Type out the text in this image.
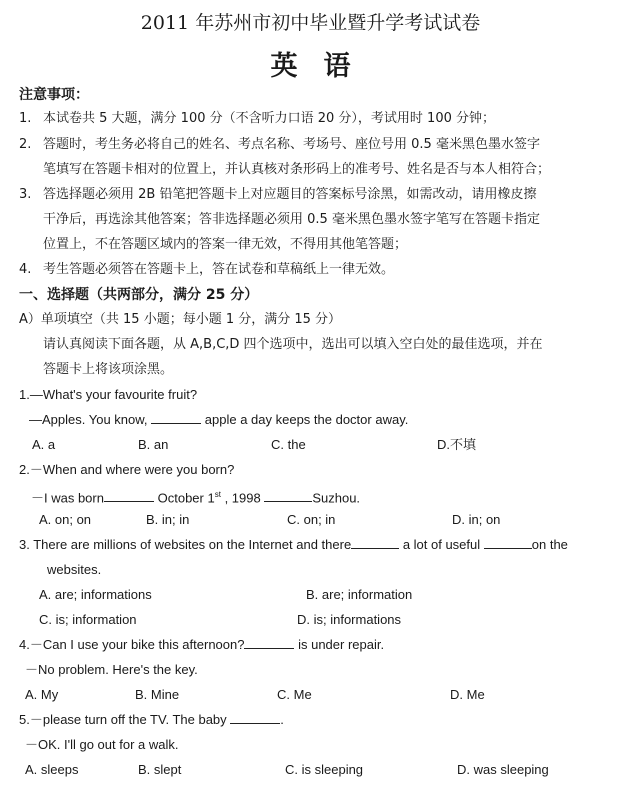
2011 年苏州市初中毕业暨升学考试试卷
英语
注意事项：
1. 本试卷共 5 大题，满分 100 分（不含听力口语 20 分），考试用时 100 分钟；
2. 答题时，考生务必将自己的姓名、考点名称、考场号、座位号用 0.5 毫米黑色墨水签字
笔填写在答题卡相对的位置上，并认真核对条形码上的准考号、姓名是否与本人相符合；
3. 答选择题必须用 2B 铅笔把答题卡上对应题目的答案标号涂黑，如需改动，请用橡皮擦
干净后，再选涂其他答案；答非选择题必须用 0.5 毫米黑色墨水签字笔写在答题卡指定
位置上，不在答题区域内的答案一律无效，不得用其他笔答题；
4. 考生答题必须答在答题卡上，答在试卷和草稿纸上一律无效。
一、选择题（共两部分，满分 25 分）
A）单项填空（共 15 小题；每小题 1 分，满分 15 分）
请认真阅读下面各题，从 A,B,C,D 四个选项中，选出可以填入空白处的最佳选项，并在
答题卡上将该项涂黑。
1.—What's your favourite fruit?
—Apples. You know,	apple a day keeps the doctor away.
A. a	B. an	C. the	D.不填
2.－When and where were you born?
－I was born	October 1st , 1998	Suzhou.
A. on; on	B. in; in	C. on; in	D. in; on
3. There are millions of websites on the Internet and there	a lot of useful	on the
websites.
A. are; informations	B. are; information
C. is; information	D. is; informations
4.－Can I use your bike this afternoon?	is under repair.
－No problem. Here's the key.
A. My	B. Mine	C. Me	D. Me
5.－please turn off the TV. The baby	.
－OK. I'll go out for a walk.
A. sleeps	B. slept	C. is sleeping	D. was sleeping
